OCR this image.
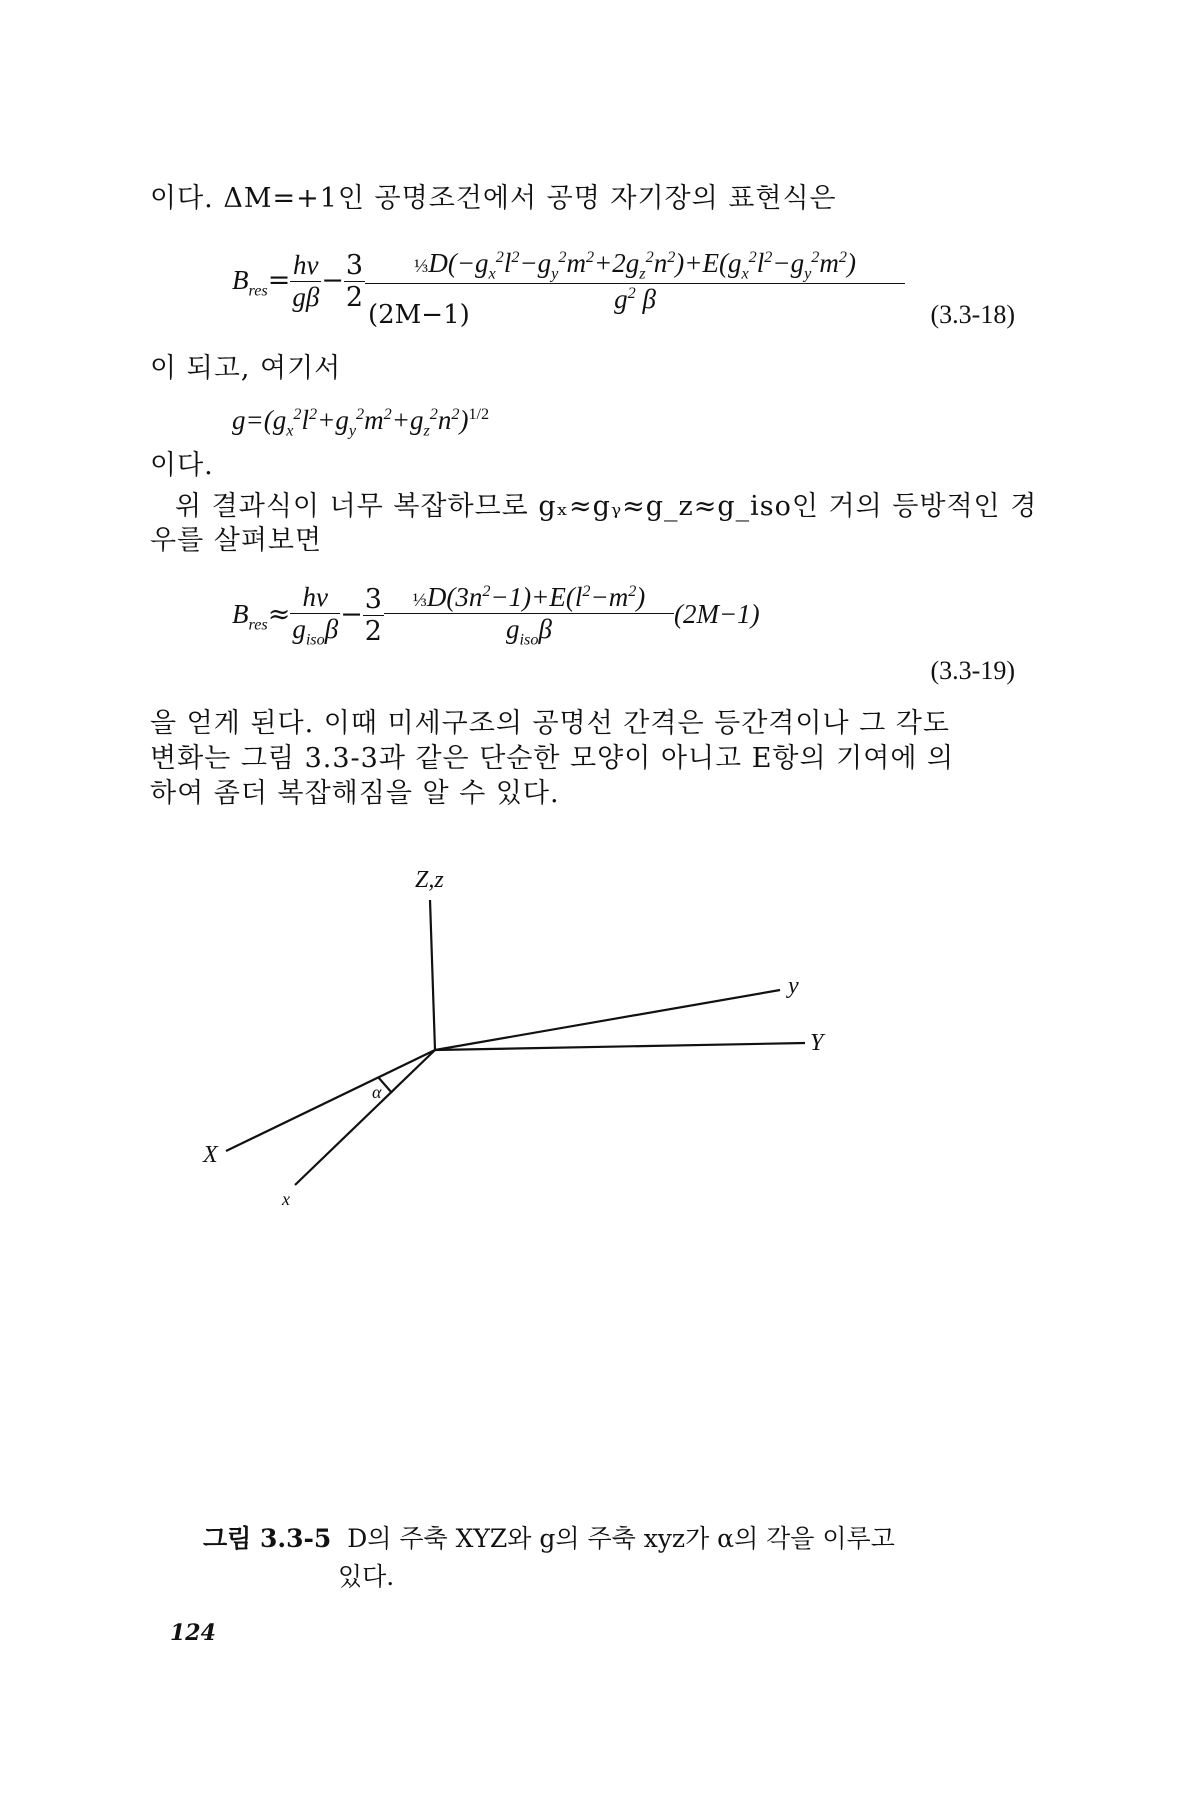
이다. ΔM=+1인 공명조건에서 공명 자기장의 표현식은
$B_{res}= \frac{h\nu}{g\beta} - \frac{3}{2} \frac{\frac{1}{3}D(-g_x^2l^2-g_y^2m^2+2g_z^2n^2)+E(g_x^2l^2-g_y^2m^2)}{g^2 \beta}$
(2M−1)	(3.3-18)
이 되고, 여기서
$g=(g_x^2l^2+g_y^2m^2+g_z^2n^2)^{1/2}$
이다.
위 결과식이 너무 복잡하므로 gₓ≈gᵧ≈g_z≈g_iso인 거의 등방적인 경
우를 살펴보면
$B_{res}\approx \frac{h\nu}{g_{iso}\beta} - \frac{3}{2} \frac{\frac{1}{3}D(3n^2-1)+E(l^2-m^2)}{g_{iso}\beta} (2M-1)$
(3.3-19)
을 얻게 된다. 이때 미세구조의 공명선 간격은 등간격이나 그 각도
변화는 그림 3.3-3과 같은 단순한 모양이 아니고 E항의 기여에 의
하여 좀더 복잡해짐을 알 수 있다.
Z,z
y
Y
X
x
α
그림 3.3-5 D의 주축 XYZ와 g의 주축 xyz가 α의 각을 이루고
있다.
124
